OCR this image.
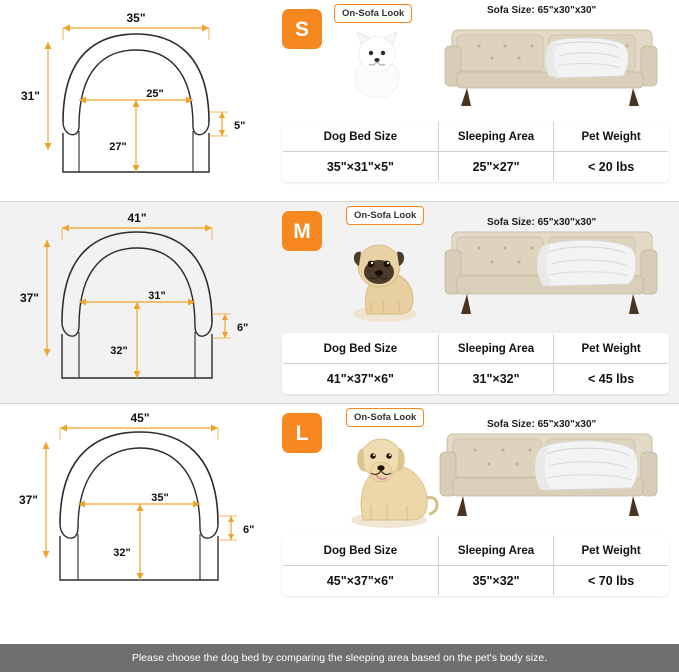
35"
31"	25"
27"
5"
S
On-Sofa Look	Sofa Size: 65"x30"x30"
Dog Bed Size	Sleeping Area	Pet Weight
35"×31"×5"	25"×27"	< 20 lbs
41"
37"	31"
32"
6"
M
On-Sofa Look
Sofa Size: 65"x30"x30"
Dog Bed Size	Sleeping Area	Pet Weight
41"×37"×6"	31"×32"	< 45 lbs
45"
37"	35"
32"
6"
L
On-Sofa Look
Sofa Size: 65"x30"x30"
Dog Bed Size	Sleeping Area	Pet Weight
45"×37"×6"	35"×32"	< 70 lbs
Please choose the dog bed by comparing the sleeping area based on the pet's body size.
